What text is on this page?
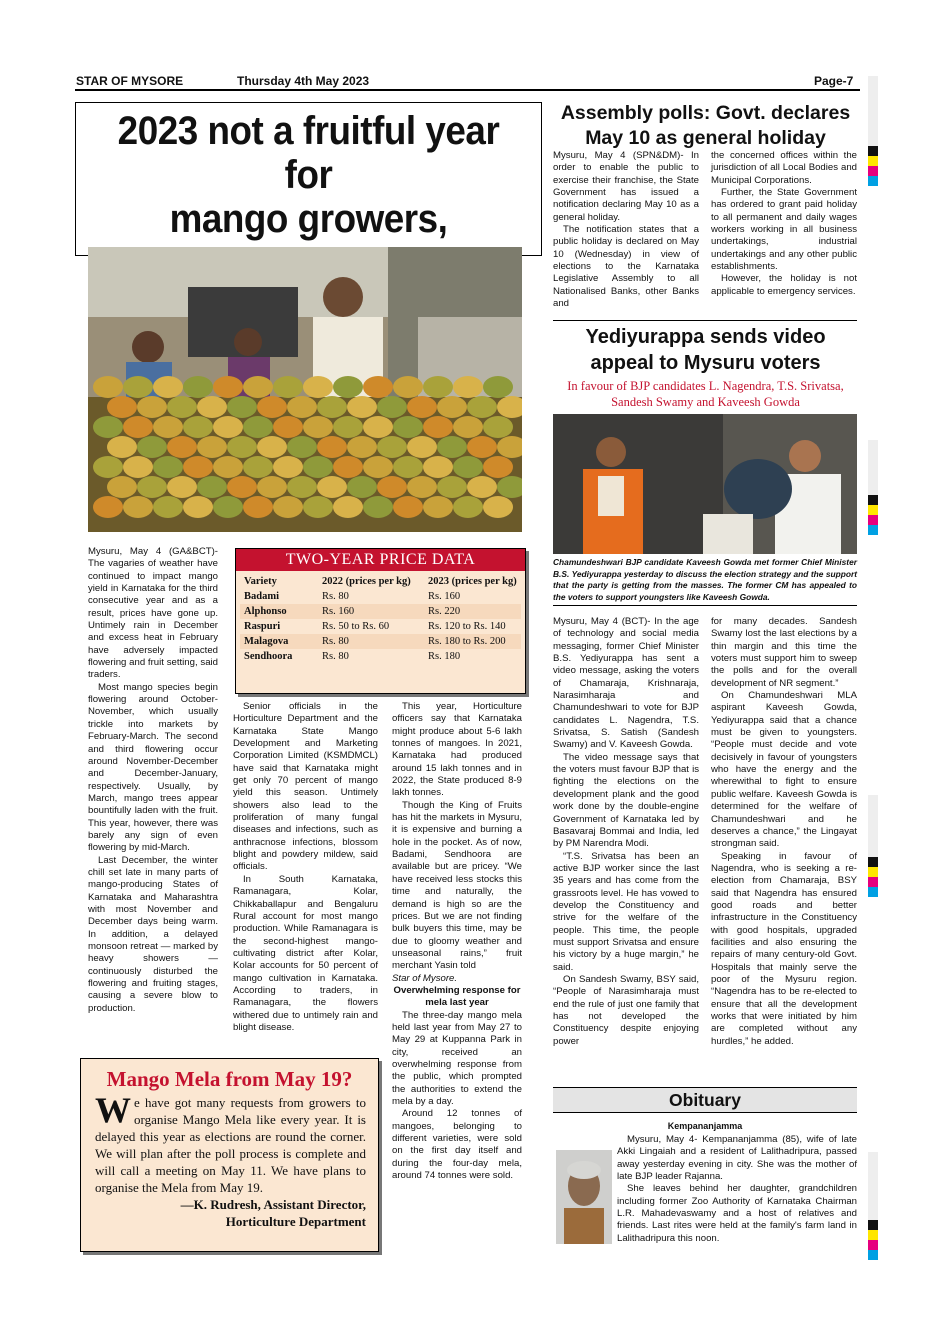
STAR OF MYSORE	Thursday 4th May 2023	Page-7
2023 not a fruitful year for
mango growers,

Mysuru, May 4 (GA&BCT)- The vagaries of weather have continued to impact mango yield in Karnataka for the third consecutive year and as a result, prices have gone up. Untimely rain in December and excess heat in February have adversely impacted flowering and fruit setting, said traders.

Most mango species begin flowering around October-November, which usually trickle into markets by February-March. The second and third flowering occur around November-December and December-January, respectively. Usually, by March, mango trees appear bountifully laden with the fruit. This year, however, there was barely any sign of even flowering by mid-March.

Last December, the winter chill set late in many parts of mango-producing States of Karnataka and Maharashtra with most November and December days being warm. In addition, a delayed monsoon retreat — marked by heavy showers — continuously disturbed the flowering and fruiting stages, causing a severe blow to production.

TWO-YEAR PRICE DATA
Variety	2022 (prices per kg)	2023 (prices per kg)
Badami	Rs. 80	Rs. 160
Alphonso	Rs. 160	Rs. 220
Raspuri	Rs. 50 to Rs. 60	Rs. 120 to Rs. 140
Malagova	Rs. 80	Rs. 180 to Rs. 200
Sendhoora	Rs. 80	Rs. 180

Senior officials in the Horticulture Department and the Karnataka State Mango Development and Marketing Corporation Limited (KSMDMCL) have said that Karnataka might get only 70 percent of mango yield this season. Untimely showers also lead to the proliferation of many fungal diseases and infections, such as anthracnose infections, blossom blight and powdery mildew, said officials.

In South Karnataka, Ramanagara, Kolar, Chikkaballapur and Bengaluru Rural account for most mango production. While Ramanagara is the second-highest mango-cultivating district after Kolar, Kolar accounts for 50 percent of mango cultivation in Karnataka. According to traders, in Ramanagara, the flowers withered due to untimely rain and blight disease.

This year, Horticulture officers say that Karnataka might produce about 5-6 lakh tonnes of mangoes. In 2021, Karnataka had produced around 15 lakh tonnes and in 2022, the State produced 8-9 lakh tonnes.

Though the King of Fruits has hit the markets in Mysuru, it is expensive and burning a hole in the pocket. As of now, Badami, Sendhoora are available but are pricey. “We have received less stocks this time and naturally, the demand is high so are the prices. But we are not finding bulk buyers this time, may be due to gloomy weather and unseasonal rains,” fruit merchant Yasin told

Star of Mysore.

Overwhelming response for mela last year

The three-day mango mela held last year from May 27 to May 29 at Kuppanna Park in city, received an overwhelming response from the public, which prompted the authorities to extend the mela by a day.

Around 12 tonnes of mangoes, belonging to different varieties, were sold on the first day itself and during the four-day mela, around 74 tonnes were sold.

Mango Mela from May 19?
W e have got many requests from growers to organise Mango Mela like every year. It is delayed this year as elections are round the corner. We will plan after the poll process is complete and will call a meeting on May 11. We have plans to organise the Mela from May 19.
—K. Rudresh, Assistant Director,
Horticulture Department
Assembly polls: Govt. declares
May 10 as general holiday

Mysuru, May 4 (SPN&DM)- In order to enable the public to exercise their franchise, the State Government has issued a notification declaring May 10 as a general holiday.

The notification states that a public holiday is declared on May 10 (Wednesday) in view of elections to the Karnataka Legislative Assembly to all Nationalised Banks, other Banks and

the concerned offices within the jurisdiction of all Local Bodies and Municipal Corporations.

Further, the State Government has ordered to grant paid holiday to all permanent and daily wages workers working in all business undertakings, industrial undertakings and any other public establishments.

However, the holiday is not applicable to emergency services.

Yediyurappa sends video
appeal to Mysuru voters
In favour of BJP candidates L. Nagendra, T.S. Srivatsa,
Sandesh Swamy and Kaveesh Gowda
Chamundeshwari BJP candidate Kaveesh Gowda met former Chief Minister B.S. Yediyurappa yesterday to discuss the election strategy and the support that the party is getting from the masses. The former CM has appealed to the voters to support youngsters like Kaveesh Gowda.

Mysuru, May 4 (BCT)- In the age of technology and social media messaging, former Chief Minister B.S. Yediyurappa has sent a video message, asking the voters of Chamaraja, Krishnaraja, Narasimharaja and Chamundeshwari to vote for BJP candidates L. Nagendra, T.S. Srivatsa, S. Satish (Sandesh Swamy) and V. Kaveesh Gowda.

The video message says that the voters must favour BJP that is fighting the elections on the development plank and the good work done by the double-engine Government of Karnataka led by Basavaraj Bommai and India, led by PM Narendra Modi.

“T.S. Srivatsa has been an active BJP worker since the last 35 years and has come from the grassroots level. He has vowed to develop the Constituency and strive for the welfare of the people. This time, the people must support Srivatsa and ensure his victory by a huge margin,” he said.

On Sandesh Swamy, BSY said, “People of Narasimharaja must end the rule of just one family that has not developed the Constituency despite enjoying power

for many decades. Sandesh Swamy lost the last elections by a thin margin and this time the voters must support him to sweep the polls and for the overall development of NR segment.”

On Chamundeshwari MLA aspirant Kaveesh Gowda, Yediyurappa said that a chance must be given to youngsters. “People must decide and vote decisively in favour of youngsters who have the energy and the wherewithal to fight to ensure public welfare. Kaveesh Gowda is determined for the welfare of Chamundeshwari and he deserves a chance,” the Lingayat strongman said.

Speaking in favour of Nagendra, who is seeking a re-election from Chamaraja, BSY said that Nagendra has ensured good roads and better infrastructure in the Constituency with good hospitals, upgraded facilities and also ensuring the repairs of many century-old Govt. Hospitals that mainly serve the poor of the Mysuru region. “Nagendra has to be re-elected to ensure that all the development works that were initiated by him are completed without any hurdles,” he added.

Obituary
Kempananjamma

Mysuru, May 4- Kempananjamma (85), wife of late Akki Lingaiah and a resident of Lalithadripura, passed away yesterday evening in city. She was the mother of late BJP leader Rajanna.

She leaves behind her daughter, grandchildren including former Zoo Authority of Karnataka Chairman L.R. Mahadevaswamy and a host of relatives and friends. Last rites were held at the family's farm land in Lalithadripura this noon.
